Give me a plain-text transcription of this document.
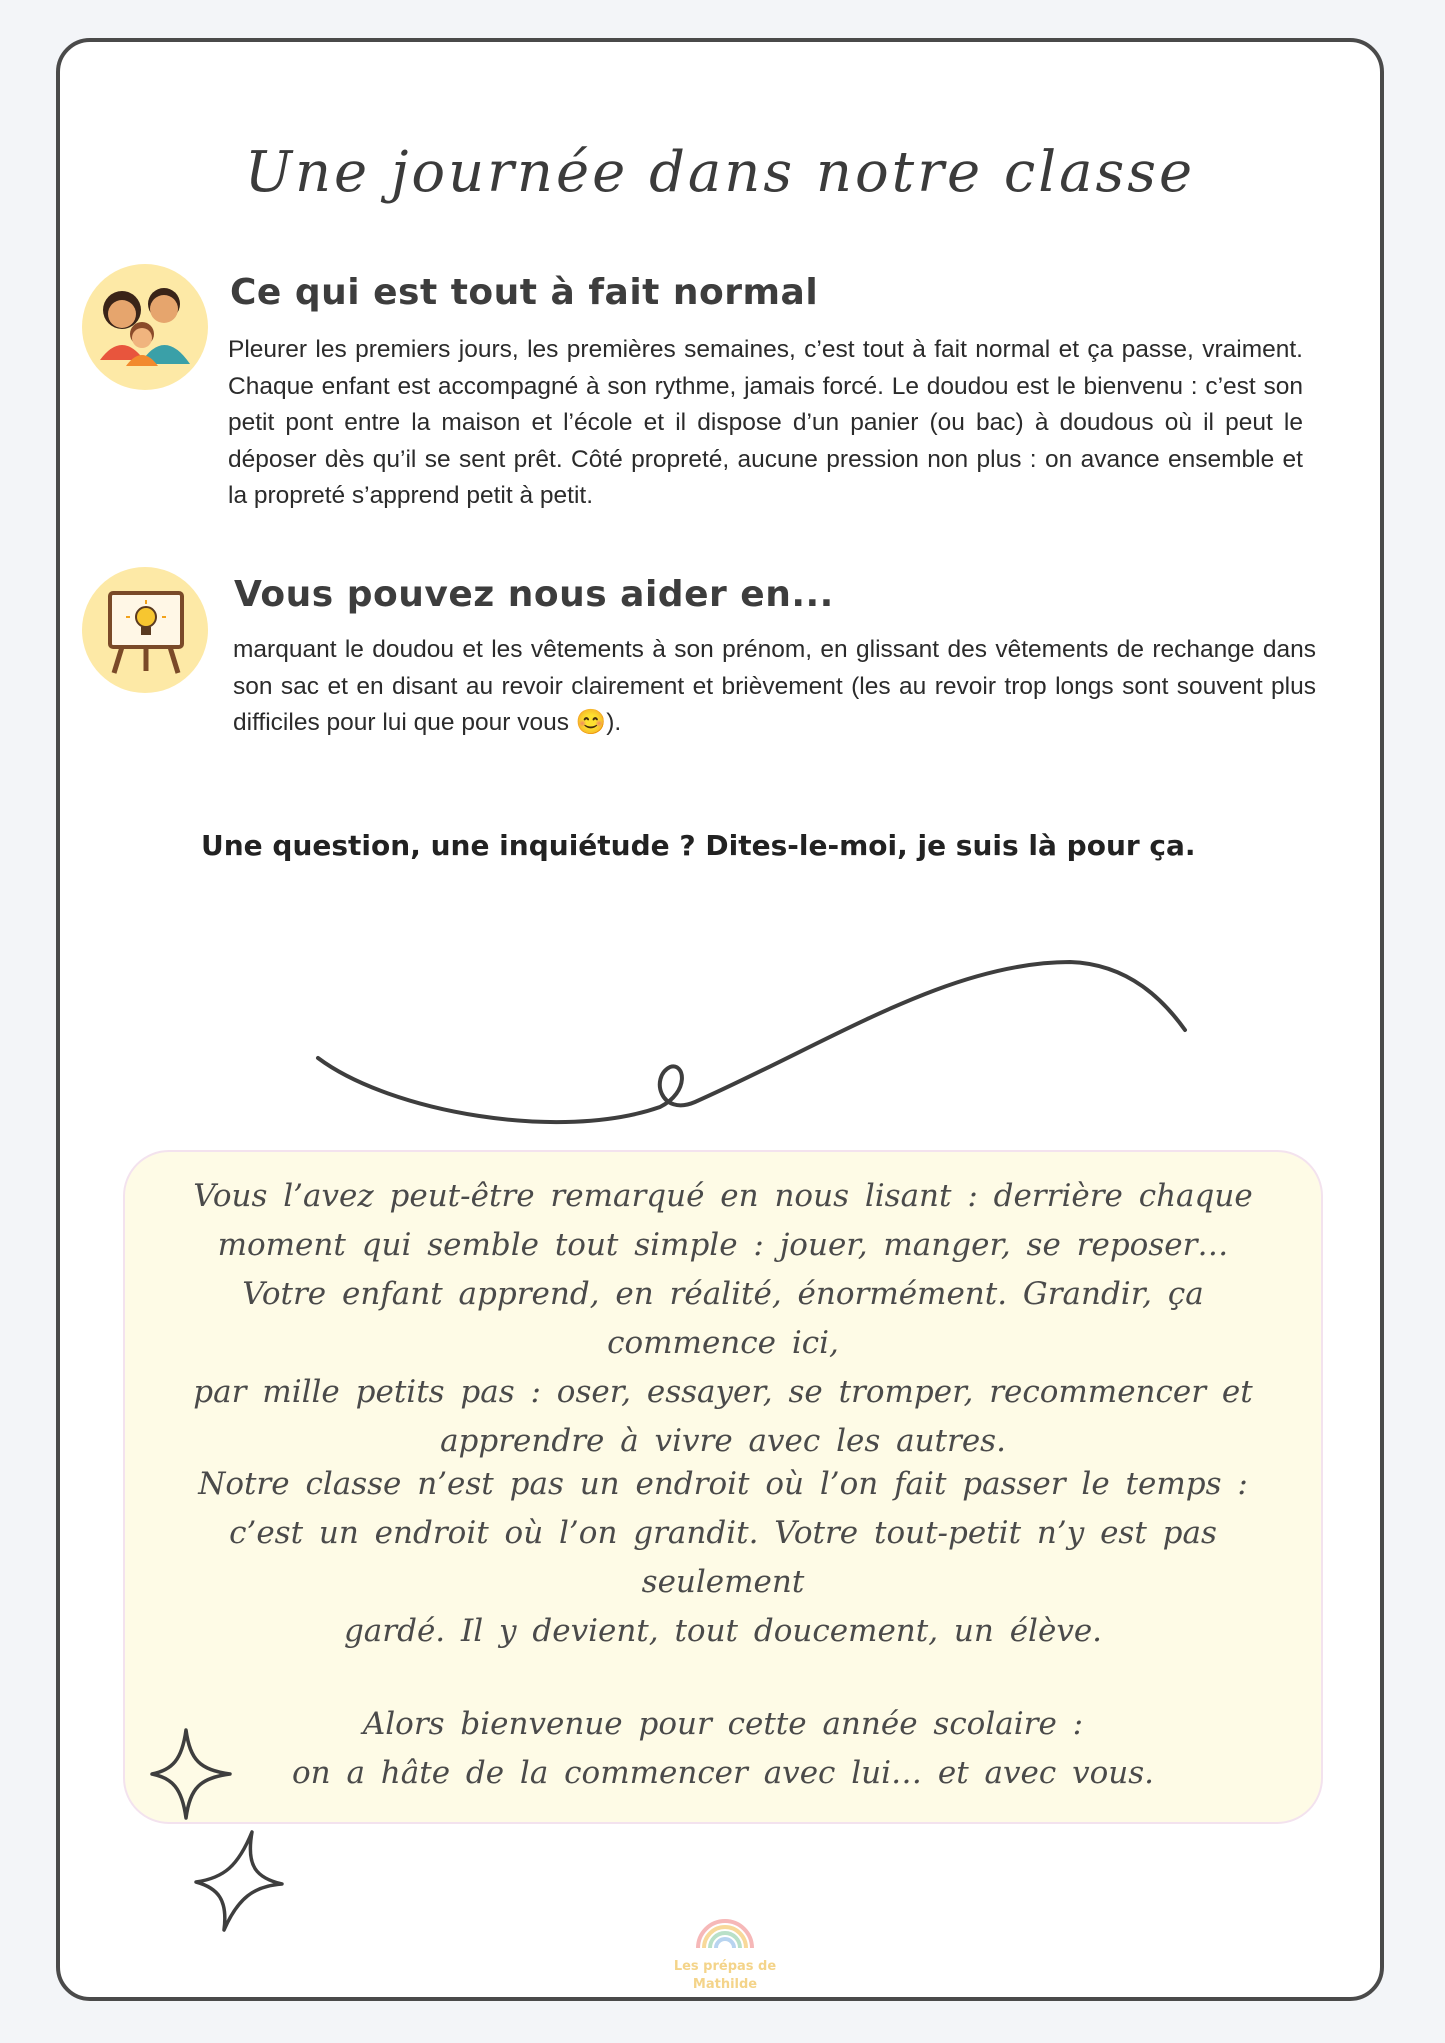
Une journée dans notre classe
Ce qui est tout à fait normal
Pleurer les premiers jours, les premières semaines, c’est tout à fait normal et ça passe, vraiment. Chaque enfant est accompagné à son rythme, jamais forcé. Le doudou est le bienvenu : c’est son petit pont entre la maison et l’école et il dispose d’un panier (ou bac) à doudous où il peut le déposer dès qu’il se sent prêt. Côté propreté, aucune pression non plus : on avance ensemble et la propreté s’apprend petit à petit.
Vous pouvez nous aider en...
marquant le doudou et les vêtements à son prénom, en glissant des vêtements de rechange dans son sac et en disant au revoir clairement et brièvement (les au revoir trop longs sont souvent plus difficiles pour lui que pour vous 😊).
Une question, une inquiétude ? Dites-le-moi, je suis là pour ça.
Vous l’avez peut-être remarqué en nous lisant : derrière chaque
moment qui semble tout simple : jouer, manger, se reposer…
Votre enfant apprend, en réalité, énormément. Grandir, ça commence ici,
par mille petits pas : oser, essayer, se tromper, recommencer et
apprendre à vivre avec les autres.
Notre classe n’est pas un endroit où l’on fait passer le temps :
c’est un endroit où l’on grandit. Votre tout-petit n’y est pas seulement
gardé. Il y devient, tout doucement, un élève.
Alors bienvenue pour cette année scolaire :
on a hâte de la commencer avec lui… et avec vous.
Les prépas de
Mathilde
